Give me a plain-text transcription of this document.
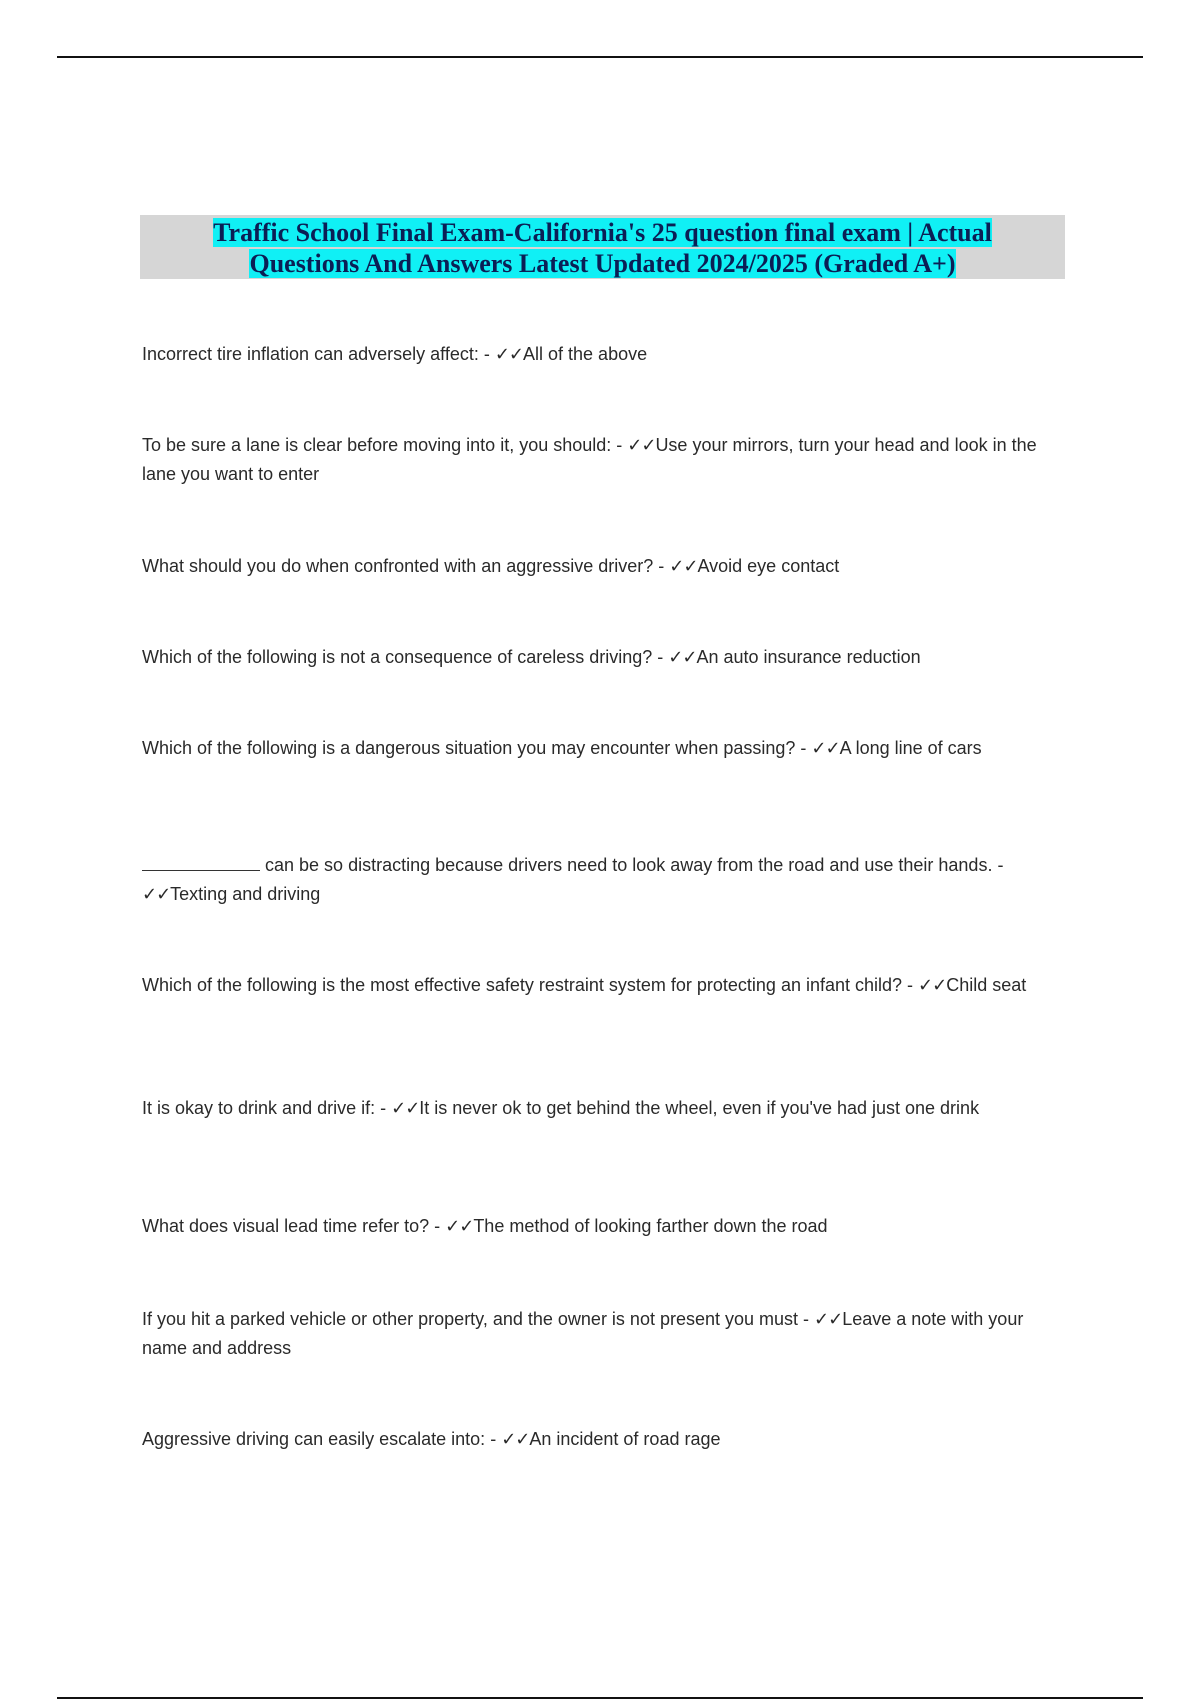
Traffic School Final Exam-California's 25 question final exam | Actual
Questions And Answers Latest Updated 2024/2025 (Graded A+)
Incorrect tire inflation can adversely affect: - ✓✓All of the above
To be sure a lane is clear before moving into it, you should: - ✓✓Use your mirrors, turn your head and look in the lane you want to enter
What should you do when confronted with an aggressive driver? - ✓✓Avoid eye contact
Which of the following is not a consequence of careless driving? - ✓✓An auto insurance reduction
Which of the following is a dangerous situation you may encounter when passing? - ✓✓A long line of cars
can be so distracting because drivers need to look away from the road and use their hands. - ✓✓Texting and driving
Which of the following is the most effective safety restraint system for protecting an infant child? - ✓✓Child seat
It is okay to drink and drive if: - ✓✓It is never ok to get behind the wheel, even if you've had just one drink
What does visual lead time refer to? - ✓✓The method of looking farther down the road
If you hit a parked vehicle or other property, and the owner is not present you must - ✓✓Leave a note with your name and address
Aggressive driving can easily escalate into: - ✓✓An incident of road rage
